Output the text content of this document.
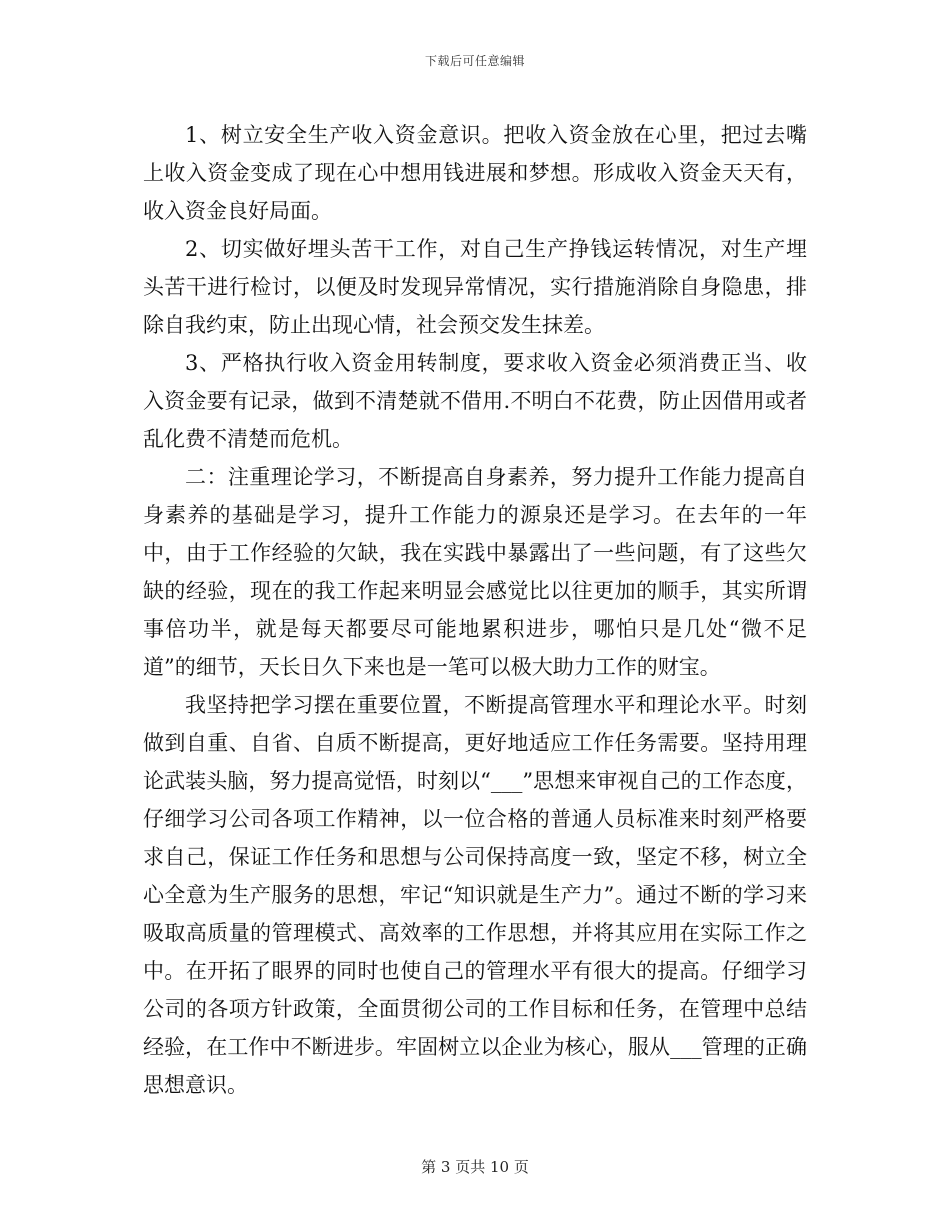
下载后可任意编辑

1、树立安全生产收入资金意识。把收入资金放在心里，把过去嘴上收入资金变成了现在心中想用钱进展和梦想。形成收入资金天天有，收入资金良好局面。

2、切实做好埋头苦干工作，对自己生产挣钱运转情况，对生产埋头苦干进行检讨，以便及时发现异常情况，实行措施消除自身隐患，排除自我约束，防止出现心情，社会预交发生抹差。

3、严格执行收入资金用转制度，要求收入资金必须消费正当、收入资金要有记录，做到不清楚就不借用.不明白不花费，防止因借用或者乱化费不清楚而危机。

二：注重理论学习，不断提高自身素养，努力提升工作能力提高自身素养的基础是学习，提升工作能力的源泉还是学习。在去年的一年中，由于工作经验的欠缺，我在实践中暴露出了一些问题，有了这些欠缺的经验，现在的我工作起来明显会感觉比以往更加的顺手，其实所谓事倍功半，就是每天都要尽可能地累积进步，哪怕只是几处“微不足道”的细节，天长日久下来也是一笔可以极大助力工作的财宝。

我坚持把学习摆在重要位置，不断提高管理水平和理论水平。时刻做到自重、自省、自质不断提高，更好地适应工作任务需要。坚持用理论武装头脑，努力提高觉悟，时刻以“___”思想来审视自己的工作态度，仔细学习公司各项工作精神，以一位合格的普通人员标准来时刻严格要求自己，保证工作任务和思想与公司保持高度一致，坚定不移，树立全心全意为生产服务的思想，牢记“知识就是生产力”。通过不断的学习来吸取高质量的管理模式、高效率的工作思想，并将其应用在实际工作之中。在开拓了眼界的同时也使自己的管理水平有很大的提高。仔细学习公司的各项方针政策，全面贯彻公司的工作目标和任务，在管理中总结经验，在工作中不断进步。牢固树立以企业为核心，服从___管理的正确思想意识。

第 3 页共 10 页
